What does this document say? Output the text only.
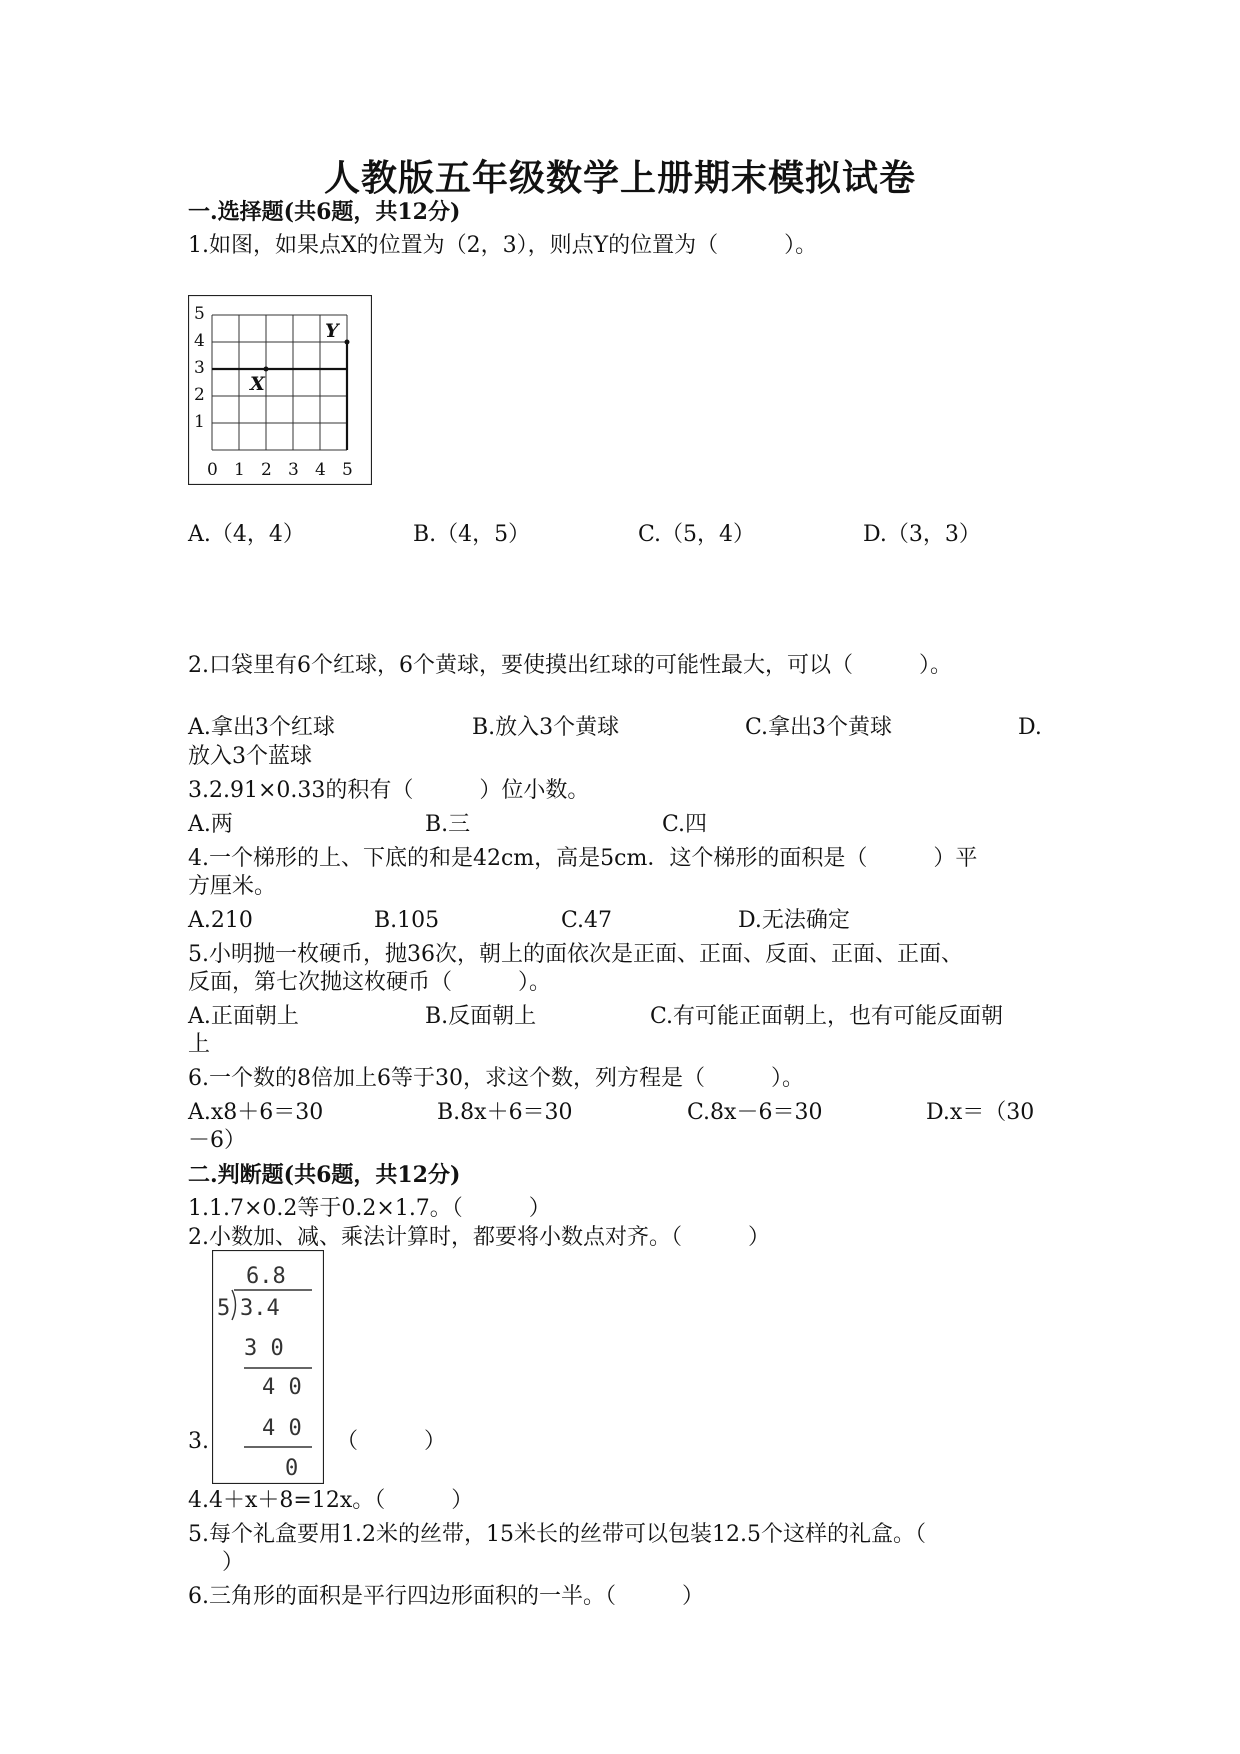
人教版五年级数学上册期末模拟试卷
一.选择题(共6题，共12分)
1.如图，如果点X的位置为（2，3），则点Y的位置为（　　　）。
5
4
3
2
1
0 1 2 3 4 5
X
Y
A.（4，4）	B.（4，5）	C.（5，4）	D.（3，3）
2.口袋里有6个红球，6个黄球，要使摸出红球的可能性最大，可以（　　　）。
A.拿出3个红球	B.放入3个黄球	C.拿出3个黄球	D.
放入3个蓝球
3.2.91×0.33的积有（　　　）位小数。
A.两	B.三	C.四
4.一个梯形的上、下底的和是42cm，高是5cm．这个梯形的面积是（　　　）平
方厘米。
A.210	B.105	C.47	D.无法确定
5.小明抛一枚硬币，抛36次，朝上的面依次是正面、正面、反面、正面、正面、
反面，第七次抛这枚硬币（　　　）。
A.正面朝上	B.反面朝上	C.有可能正面朝上，也有可能反面朝
上
6.一个数的8倍加上6等于30，求这个数，列方程是（　　　）。
A.x8＋6＝30	B.8x＋6＝30	C.8x－6＝30	D.x＝（30
－6）
二.判断题(共6题，共12分)
1.1.7×0.2等于0.2×1.7。（　　　）
2.小数加、减、乘法计算时，都要将小数点对齐。（　　　）
6.8
5 3.4
3 0
4 0
4 0
0
3.	（　　　）
4.4＋x＋8=12x。（　　　）
5.每个礼盒要用1.2米的丝带，15米长的丝带可以包装12.5个这样的礼盒。（
）
6.三角形的面积是平行四边形面积的一半。（　　　）
